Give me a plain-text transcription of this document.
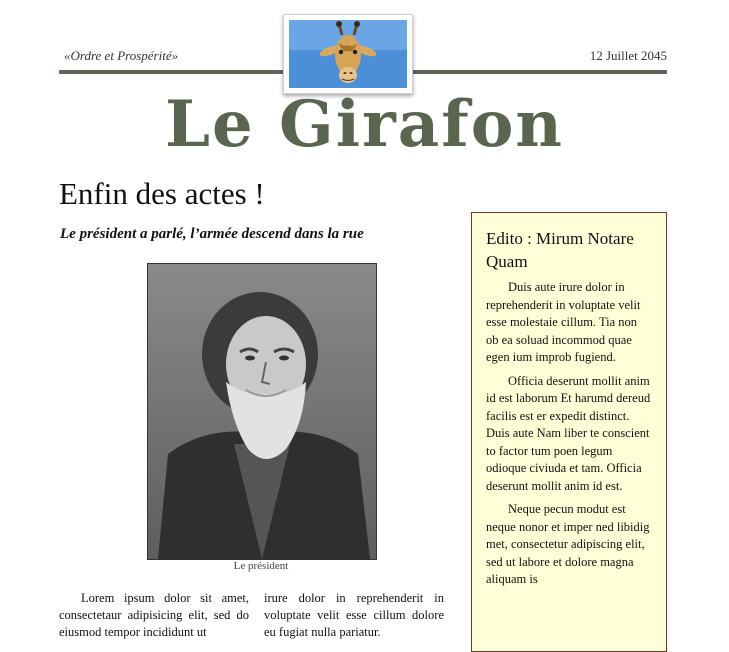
«Ordre et Prospérité»	12 Juillet 2045
Le Girafon
Enfin des actes !
Le président a parlé, l’armée descend dans la rue
Le président
Lorem ipsum dolor sit amet, consectetaur adipisicing elit, sed do eiusmod tempor incididunt ut
irure dolor in reprehenderit in voluptate velit esse cillum dolore eu fugiat nulla pariatur.
Edito : Mirum Notare Quam

Duis aute irure dolor in reprehenderit in voluptate velit esse molestaie cillum. Tia non ob ea soluad incommod quae egen ium improb fugiend.

Officia deserunt mollit anim id est laborum Et harumd dereud facilis est er expedit distinct. Duis aute Nam liber te conscient to factor tum poen legum odioque civiuda et tam. Officia deserunt mollit anim id est.

Neque pecun modut est neque nonor et imper ned libidig met, consectetur adipiscing elit, sed ut labore et dolore magna aliquam is
